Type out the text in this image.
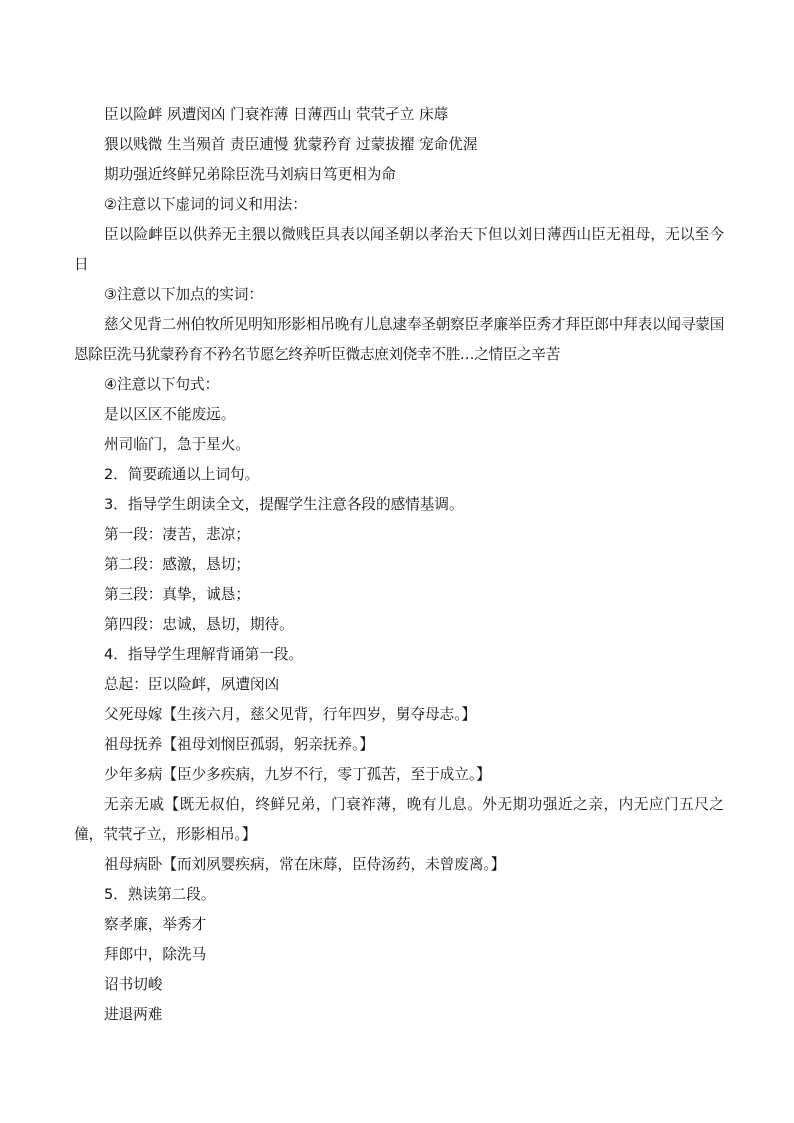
臣以险衅 夙遭闵凶 门衰祚薄 日薄西山 茕茕孑立 床蓐
猥以贱微 生当殒首 责臣逋慢 犹蒙矜育 过蒙拔擢 宠命优渥
期功强近终鲜兄弟除臣洗马刘病日笃更相为命
②注意以下虚词的词义和用法：
臣以险衅臣以供养无主猥以微贱臣具表以闻圣朝以孝治天下但以刘日薄西山臣无祖母，无以至今日
③注意以下加点的实词：
慈父见背二州伯牧所见明知形影相吊晚有儿息逮奉圣朝察臣孝廉举臣秀才拜臣郎中拜表以闻寻蒙国恩除臣洗马犹蒙矜育不矜名节愿乞终养听臣微志庶刘侥幸不胜…之情臣之辛苦
④注意以下句式：
是以区区不能废远。
州司临门，急于星火。
2．简要疏通以上词句。
3．指导学生朗读全文，提醒学生注意各段的感情基调。
第一段：凄苦，悲凉；
第二段：感激，恳切；
第三段：真挚，诚恳；
第四段：忠诚，恳切，期待。
4．指导学生理解背诵第一段。
总起：臣以险衅，夙遭闵凶
父死母嫁【生孩六月，慈父见背，行年四岁，舅夺母志。】
祖母抚养【祖母刘悯臣孤弱，躬亲抚养。】
少年多病【臣少多疾病，九岁不行，零丁孤苦，至于成立。】
无亲无戚【既无叔伯，终鲜兄弟，门衰祚薄，晚有儿息。外无期功强近之亲，内无应门五尺之僮，茕茕孑立，形影相吊。】
祖母病卧【而刘夙婴疾病，常在床蓐，臣侍汤药，未曾废离。】
5．熟读第二段。
察孝廉，举秀才
拜郎中，除洗马
诏书切峻
进退两难
